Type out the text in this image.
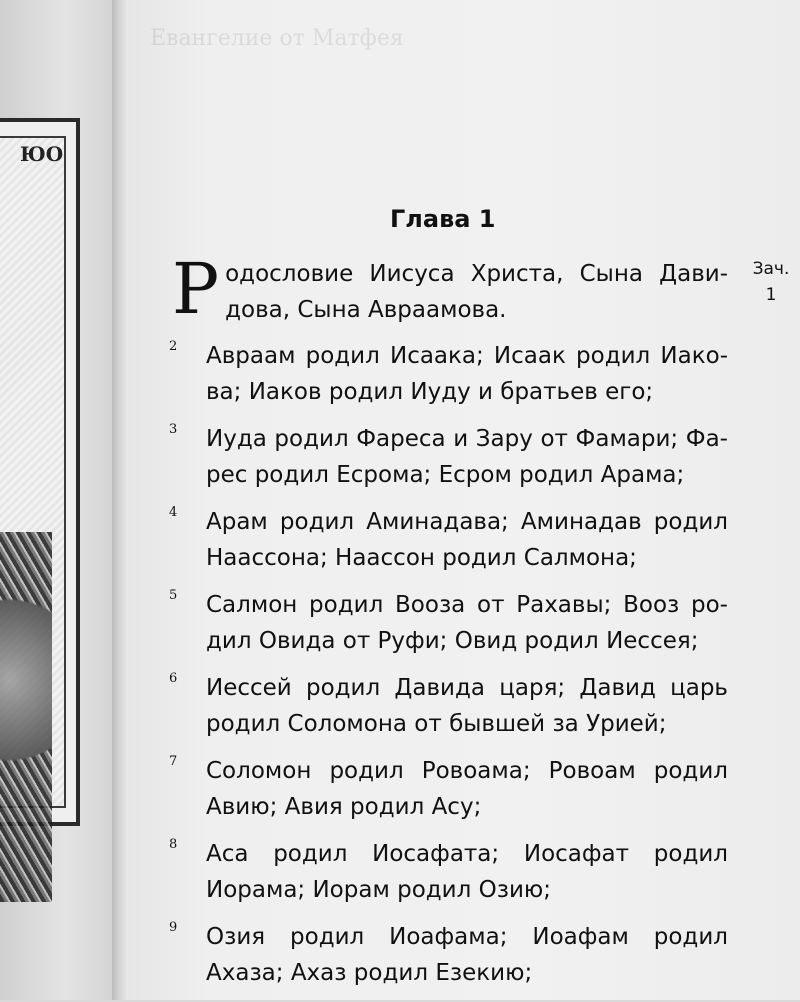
ЮО
Глава 1
Зач.
1
Р одословие Иисуса Христа, Сына Дави-
дова, Сына Авраамова.
2 Авраам родил Исаака; Исаак родил Иако-
ва; Иаков родил Иуду и братьев его;
3 Иуда родил Фареса и Зару от Фамари; Фа-
рес родил Есрома; Есром родил Арама;
4 Арам родил Аминадава; Аминадав родил
Наассона; Наассон родил Салмона;
5 Салмон родил Вооза от Рахавы; Вооз ро-
дил Овида от Руфи; Овид родил Иессея;
6 Иессей родил Давида царя; Давид царь
родил Соломона от бывшей за Урией;
7 Соломон родил Ровоама; Ровоам родил
Авию; Авия родил Асу;
8 Аса родил Иосафата; Иосафат родил
Иорама; Иорам родил Озию;
9 Озия родил Иоафама; Иоафам родил
Ахаза; Ахаз родил Езекию;
